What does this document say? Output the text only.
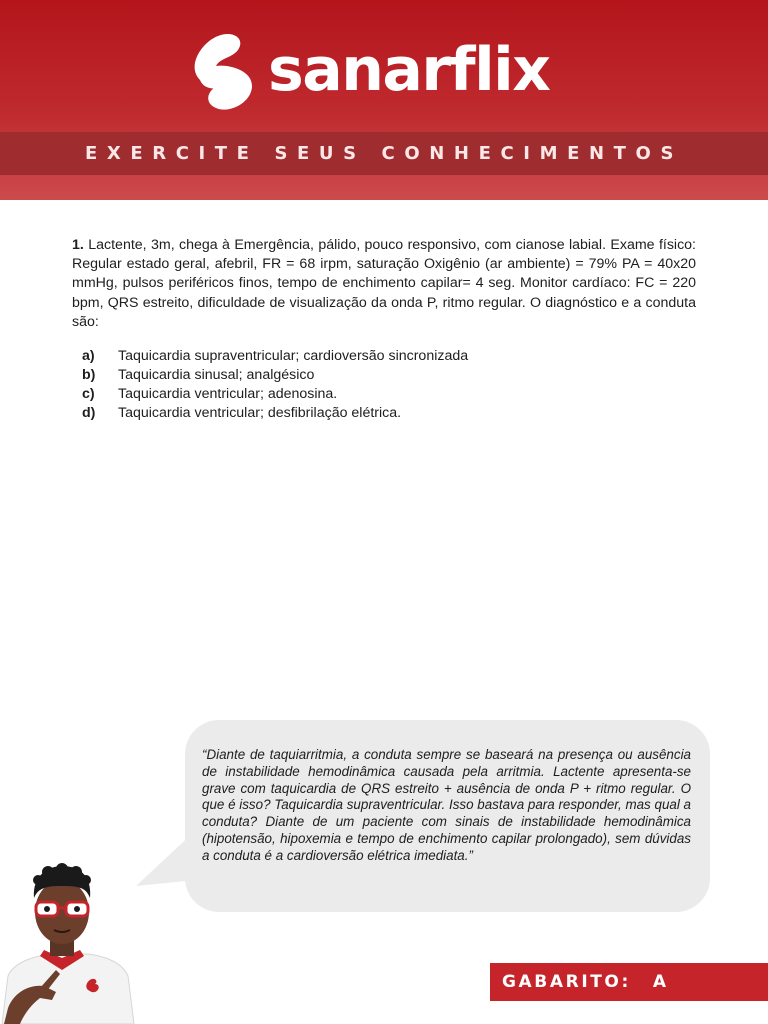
sanarflix
EXERCITE SEUS CONHECIMENTOS
1. Lactente, 3m, chega à Emergência, pálido, pouco responsivo, com cianose labial. Exame físico: Regular estado geral, afebril, FR = 68 irpm, saturação Oxigênio (ar ambiente) = 79% PA = 40x20 mmHg, pulsos periféricos finos, tempo de enchimento capilar= 4 seg. Monitor cardíaco: FC = 220 bpm, QRS estreito, dificuldade de visualização da onda P, ritmo regular. O diagnóstico e a conduta são:
a)	Taquicardia supraventricular; cardioversão sincronizada
b)	Taquicardia sinusal; analgésico
c)	Taquicardia ventricular; adenosina.
d)	Taquicardia ventricular; desfibrilação elétrica.
“Diante de taquiarritmia, a conduta sempre se baseará na presença ou ausência de instabilidade hemodinâmica causada pela arritmia. Lactente apresenta-se grave com taquicardia de QRS estreito + ausência de onda P + ritmo regular. O que é isso? Taquicardia supraventricular. Isso bastava para responder, mas qual a conduta? Diante de um paciente com sinais de instabilidade hemodinâmica (hipotensão, hipoxemia e tempo de enchimento capilar prolongado), sem dúvidas a conduta é a cardioversão elétrica imediata.”
GABARITO: A
